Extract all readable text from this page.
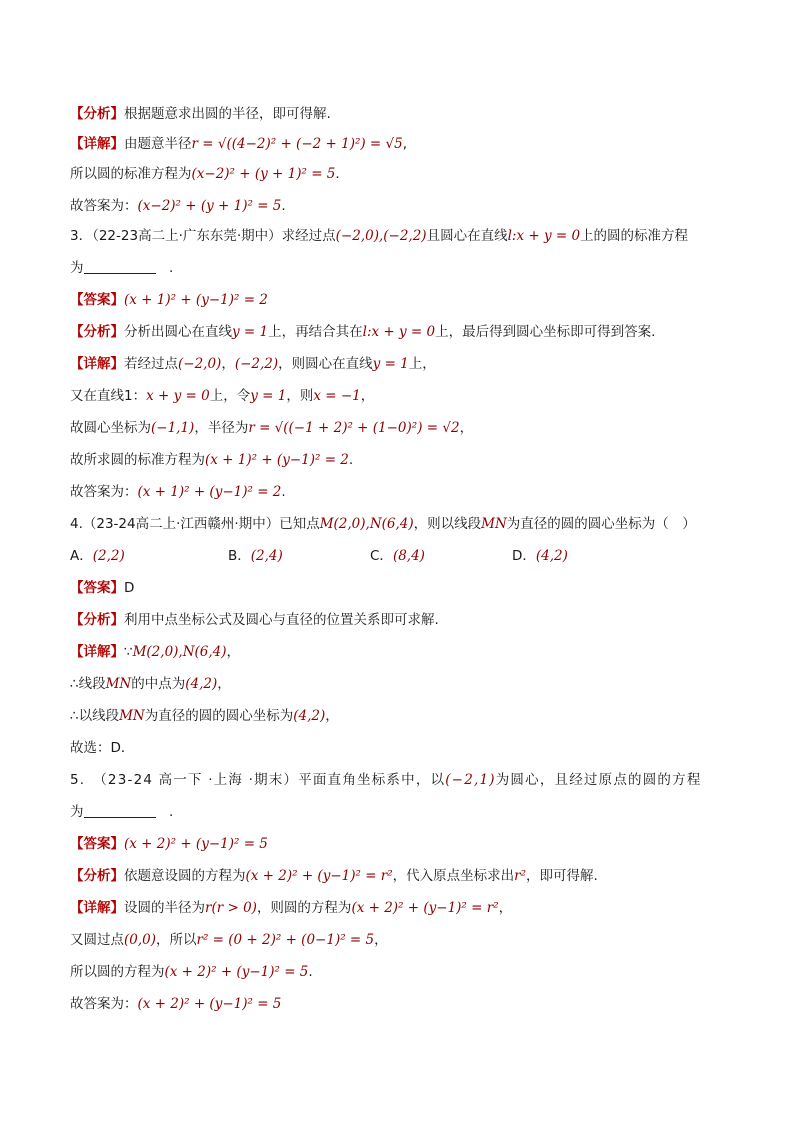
【分析】根据题意求出圆的半径，即可得解.
【详解】由题意半径r = √((4−2)² + (−2 + 1)²) = √5,
所以圆的标准方程为(x−2)² + (y + 1)² = 5.
故答案为：(x−2)² + (y + 1)² = 5.
3．（22-23高二上·广东东莞·期中）求经过点(−2,0),(−2,2)且圆心在直线l:x + y = 0上的圆的标准方程
为　	.
【答案】(x + 1)² + (y−1)² = 2
【分析】分析出圆心在直线y = 1上，再结合其在l:x + y = 0上，最后得到圆心坐标即可得到答案.
【详解】若经过点(−2,0)，(−2,2)，则圆心在直线y = 1上，
又在直线1：x + y = 0上，令y = 1，则x = −1，
故圆心坐标为(−1,1)，半径为r = √((−1 + 2)² + (1−0)²) = √2，
故所求圆的标准方程为(x + 1)² + (y−1)² = 2.
故答案为：(x + 1)² + (y−1)² = 2.
4.（23-24高二上·江西赣州·期中）已知点M(2,0),N(6,4)，则以线段MN为直径的圆的圆心坐标为（　）
A．(2,2)	B．(2,4)	C．(8,4)	D．(4,2)
【答案】D
【分析】利用中点坐标公式及圆心与直径的位置关系即可求解.
【详解】∵M(2,0),N(6,4)，
∴线段MN的中点为(4,2)，
∴以线段MN为直径的圆的圆心坐标为(4,2)，
故选：D．
5.　（23-24 高一下 ·上海 ·期末）平面直角坐标系中，以(−2,1)为圆心，且经过原点的圆的方程
为　	.
【答案】(x + 2)² + (y−1)² = 5
【分析】依题意设圆的方程为(x + 2)² + (y−1)² = r²，代入原点坐标求出r²，即可得解.
【详解】设圆的半径为r(r > 0)，则圆的方程为(x + 2)² + (y−1)² = r²，
又圆过点(0,0)，所以r² = (0 + 2)² + (0−1)² = 5，
所以圆的方程为(x + 2)² + (y−1)² = 5.
故答案为：(x + 2)² + (y−1)² = 5
